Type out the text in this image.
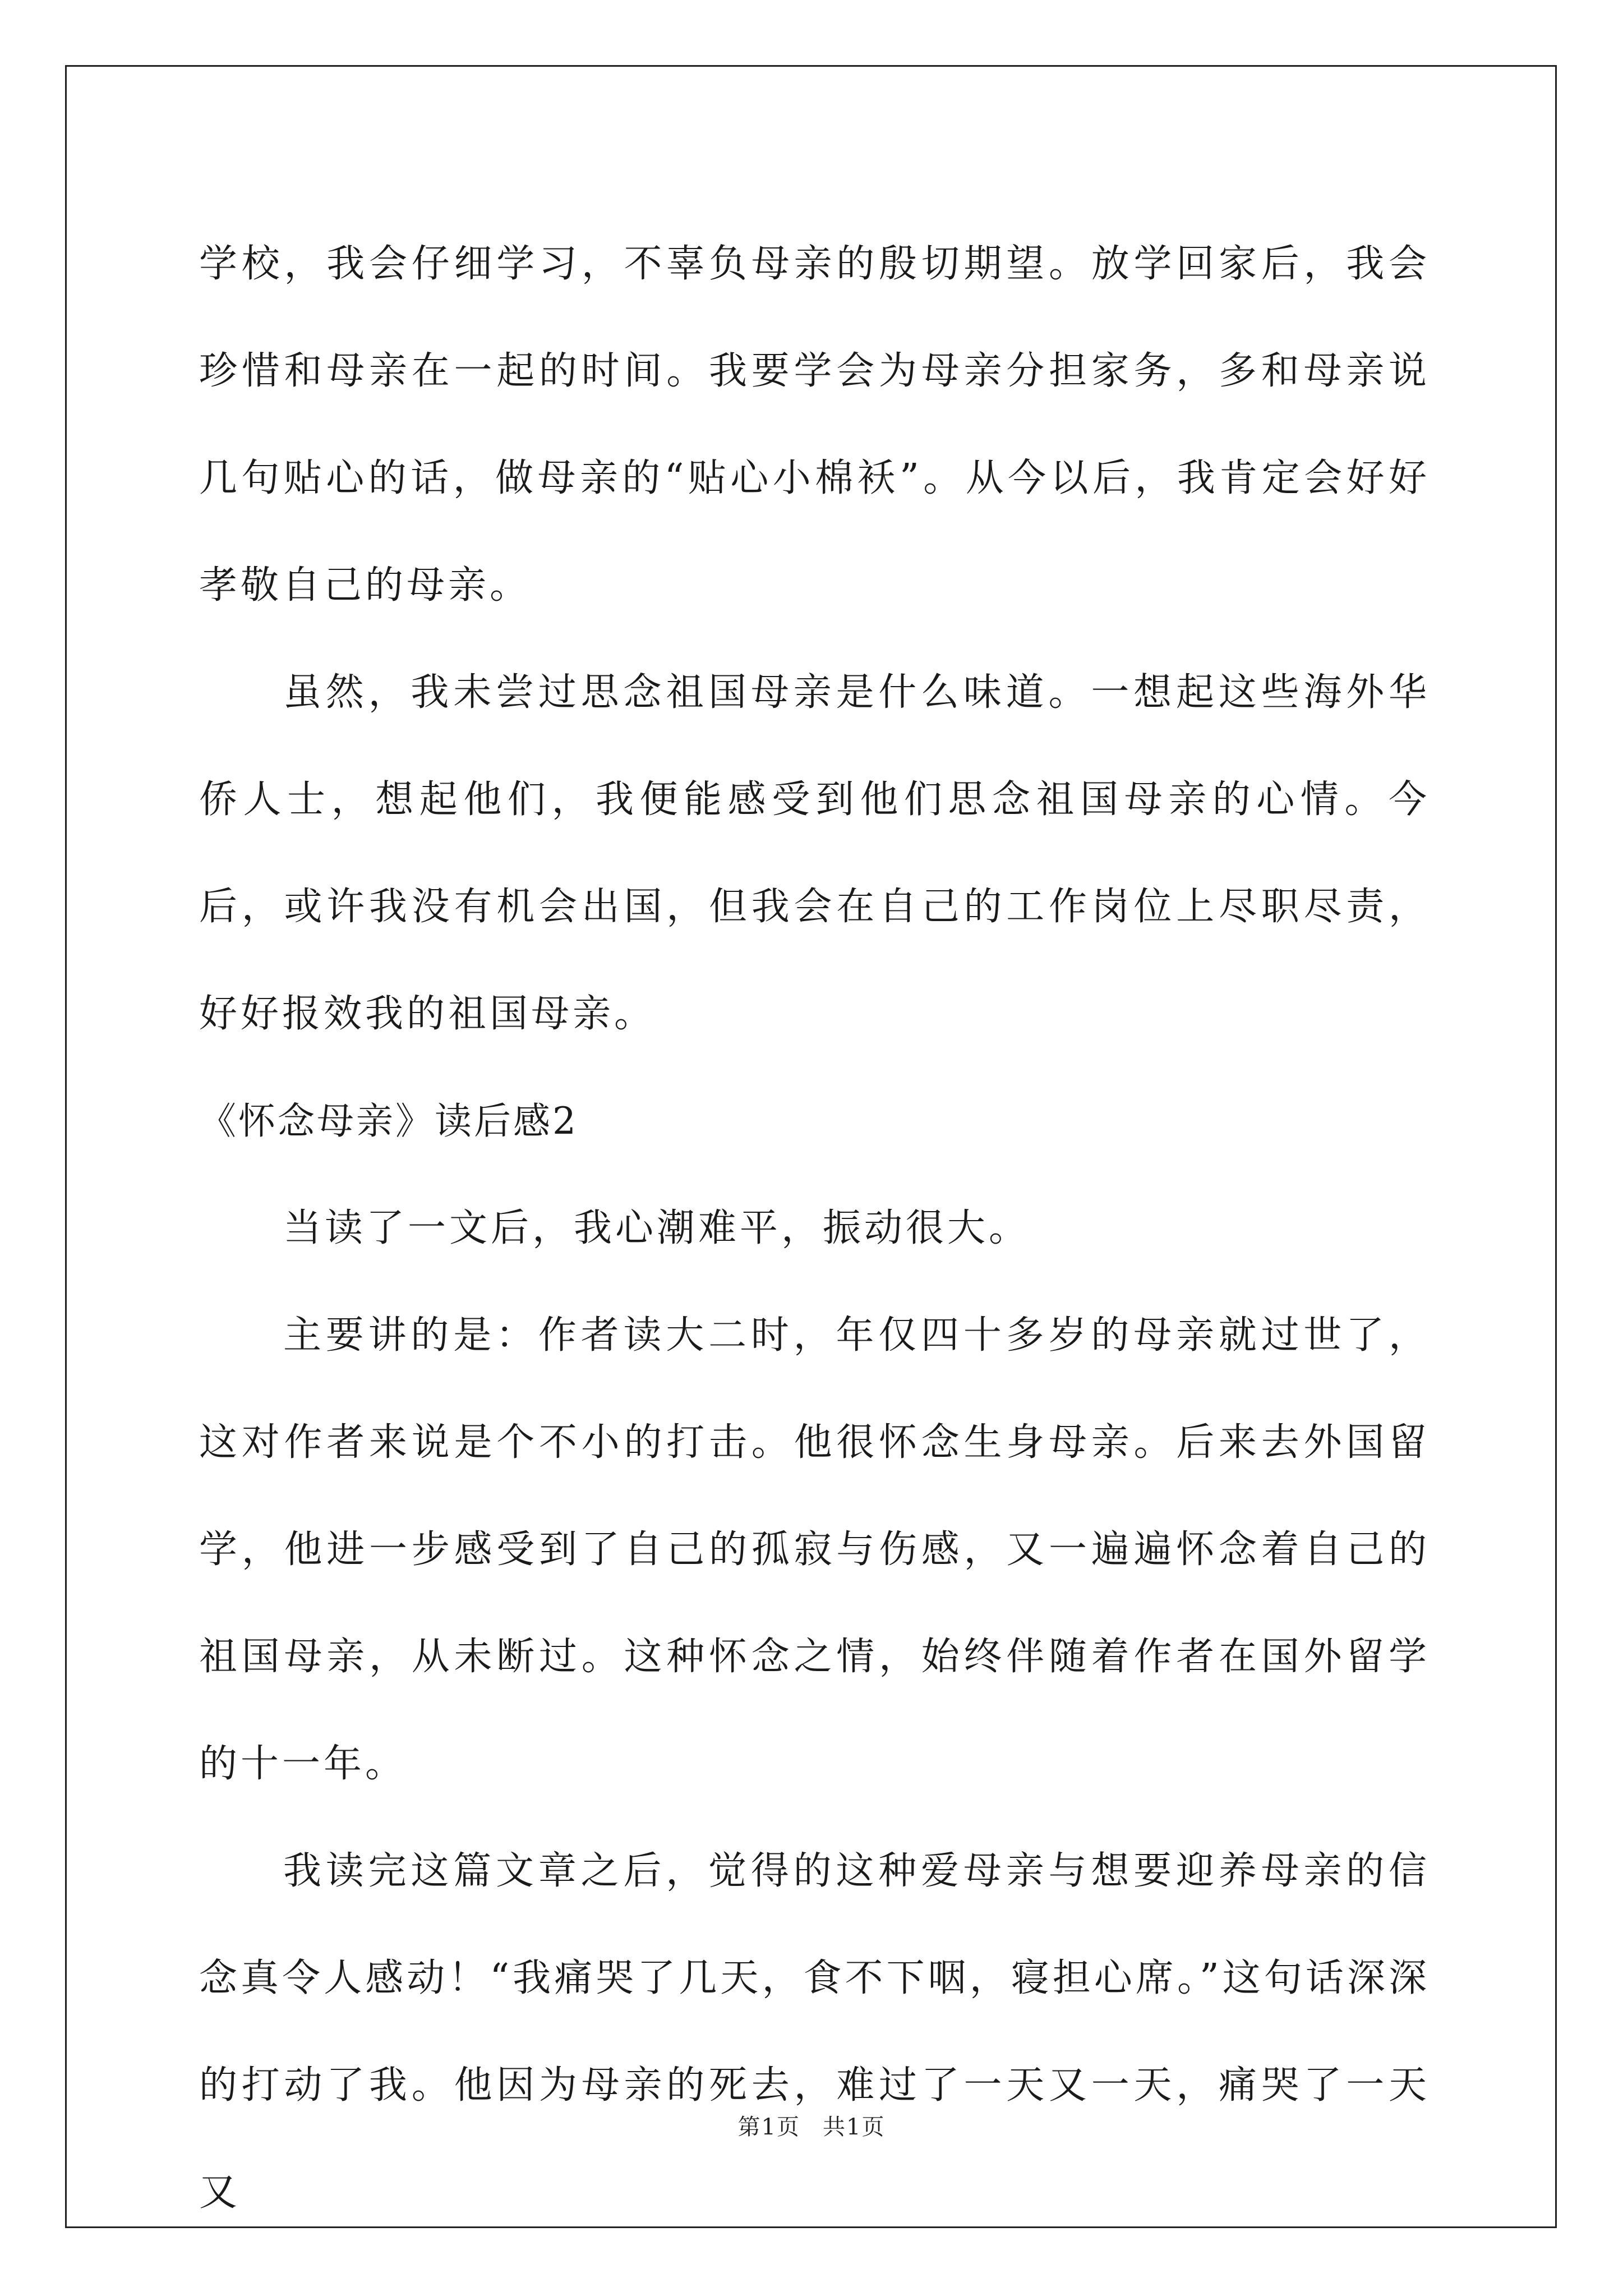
学校，我会仔细学习，不辜负母亲的殷切期望。放学回家后，我会珍惜和母亲在一起的时间。我要学会为母亲分担家务，多和母亲说几句贴心的话，做母亲的“贴心小棉袄”。从今以后，我肯定会好好孝敬自己的母亲。

虽然，我未尝过思念祖国母亲是什么味道。一想起这些海外华侨人士，想起他们，我便能感受到他们思念祖国母亲的心情。今后，或许我没有机会出国，但我会在自己的工作岗位上尽职尽责，好好报效我的祖国母亲。

《怀念母亲》读后感2

当读了一文后，我心潮难平，振动很大。

主要讲的是：作者读大二时，年仅四十多岁的母亲就过世了，这对作者来说是个不小的打击。他很怀念生身母亲。后来去外国留学，他进一步感受到了自己的孤寂与伤感，又一遍遍怀念着自己的祖国母亲，从未断过。这种怀念之情，始终伴随着作者在国外留学的十一年。

我读完这篇文章之后，觉得的这种爱母亲与想要迎养母亲的信念真令人感动！“我痛哭了几天，食不下咽，寝担心席。”这句话深深的打动了我。他因为母亲的死去，难过了一天又一天，痛哭了一天又

第1页 共1页
